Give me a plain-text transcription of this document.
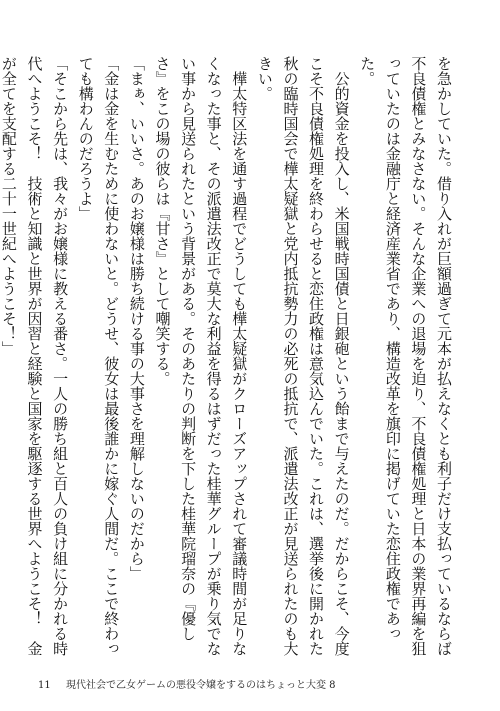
を急かしていた。借り入れが巨額過ぎて元本が払えなくとも利子だけ支払っているならば不良債権とみなさない。そんな企業への退場を迫り、不良債権処理と日本の業界再編を狙っていたのは金融庁と経済産業省であり、構造改革を旗印に掲げていた恋住政権であった。

公的資金を投入し、米国戦時国債と日銀砲という飴まで与えたのだ。だからこそ、今度こそ不良債権処理を終わらせると恋住政権は意気込んでいた。これは、選挙後に開かれた秋の臨時国会で樺太疑獄と党内抵抗勢力の必死の抵抗で、派遣法改正が見送られたのも大きい。

樺太特区法を通す過程でどうしても樺太疑獄がクローズアップされて審議時間が足りなくなった事と、その派遣法改正で莫大な利益を得るはずだった桂華グループが乗り気でない事から見送られたという背景がある。そのあたりの判断を下した桂華院瑠奈の『優しさ』をこの場の彼らは『甘さ』として嘲笑する。

「まぁ、いいさ。あのお嬢様は勝ち続ける事の大事さを理解しないのだから」

「金は金を生むために使わないと。どうせ、彼女は最後誰かに嫁ぐ人間だ。ここで終わっても構わんのだろうよ」

「そこから先は、我々がお嬢様に教える番さ。一人の勝ち組と百人の負け組に分かれる時代へようこそ！　技術と知識と世界が因習と経験と国家を駆逐する世界へようこそ！　金が全てを支配する二十一世紀へようこそ！」

11 現代社会で乙女ゲームの悪役令嬢をするのはちょっと大変 8
